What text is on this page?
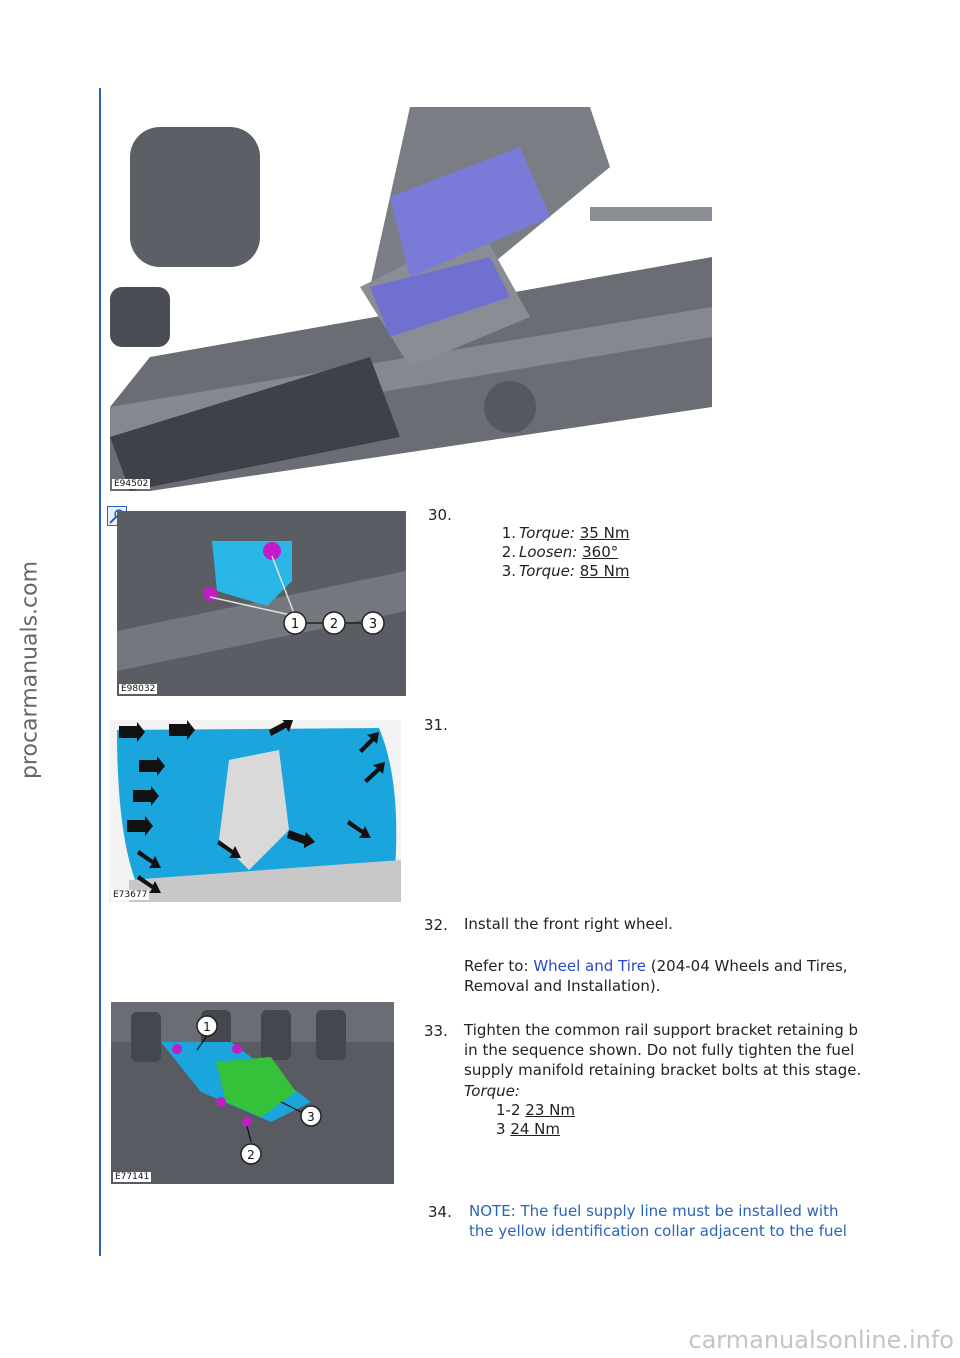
procarmanuals.com
E94502
1 2 3
E98032
E73677
1
2
3
E77141
30.
1. Torque: 35 Nm
2. Loosen: 360°
3. Torque: 85 Nm
31.
32. Install the front right wheel.
Refer to: Wheel and Tire (204-04 Wheels and Tires,
Removal and Installation).
33. Tighten the common rail support bracket retaining b
in the sequence shown. Do not fully tighten the fuel
supply manifold retaining bracket bolts at this stage.
Torque:
1-2 23 Nm
3 24 Nm
34. NOTE: The fuel supply line must be installed with
the yellow identification collar adjacent to the fuel
carmanualsonline.info
